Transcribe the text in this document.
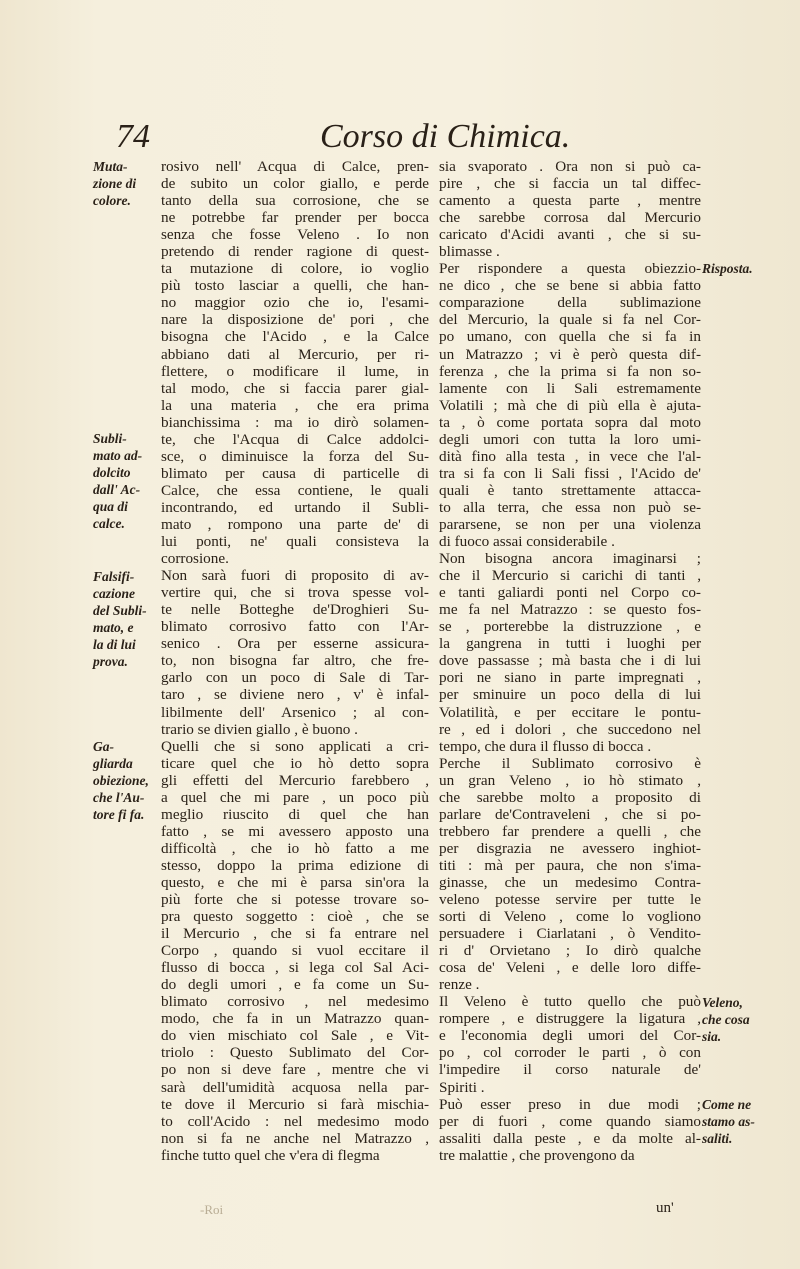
74	Corso di Chimica.
Muta-
zione di
colore.
Subli-
mato ad-
dolcito
dall' Ac-
qua di
calce.
Falsifi-
cazione
del Subli-
mato, e
la di lui
prova.
Ga-
gliarda
obiezione,
che l'Au-
tore fi fa.
Risposta.
Veleno,
che cosa
sia.
Come ne
stamo as-
saliti.
rosivo nell' Acqua di Calce, pren-
de subito un color giallo, e perde
tanto della sua corrosione, che se
ne potrebbe far prender per bocca
senza che fosse Veleno . Io non
pretendo di render ragione di quest-
ta mutazione di colore, io voglio
più tosto lasciar a quelli, che han-
no maggior ozio che io, l'esami-
nare la disposizione de' pori , che
bisogna che l'Acido , e la Calce
abbiano dati al Mercurio, per ri-
flettere, o modificare il lume, in
tal modo, che si faccia parer gial-
la una materia , che era prima
bianchissima : ma io dirò solamen-
te, che l'Acqua di Calce addolci-
sce, o diminuisce la forza del Su-
blimato per causa di particelle di
Calce, che essa contiene, le quali
incontrando, ed urtando il Subli-
mato , rompono una parte de' di
lui ponti, ne' quali consisteva la
corrosione.
Non sarà fuori di proposito di av-
vertire qui, che si trova spesse vol-
te nelle Botteghe de'Droghieri Su-
blimato corrosivo fatto con l'Ar-
senico . Ora per esserne assicura-
to, non bisogna far altro, che fre-
garlo con un poco di Sale di Tar-
taro , se diviene nero , v' è infal-
libilmente dell' Arsenico ; al con-
trario se divien giallo , è buono .
Quelli che si sono applicati a cri-
ticare quel che io hò detto sopra
gli effetti del Mercurio farebbero ,
a quel che mi pare , un poco più
meglio riuscito di quel che han
fatto , se mi avessero apposto una
difficoltà , che io hò fatto a me
stesso, doppo la prima edizione di
questo, e che mi è parsa sin'ora la
più forte che si potesse trovare so-
pra questo soggetto : cioè , che se
il Mercurio , che si fa entrare nel
Corpo , quando si vuol eccitare il
flusso di bocca , si lega col Sal Aci-
do degli umori , e fa come un Su-
blimato corrosivo , nel medesimo
modo, che fa in un Matrazzo quan-
do vien mischiato col Sale , e Vit-
triolo : Questo Sublimato del Cor-
po non si deve fare , mentre che vi
sarà dell'umidità acquosa nella par-
te dove il Mercurio si farà mischia-
to coll'Acido : nel medesimo modo
non si fa ne anche nel Matrazzo ,
finche tutto quel che v'era di flegma
sia svaporato . Ora non si può ca-
pire , che si faccia un tal diffec-
camento a questa parte , mentre
che sarebbe corrosa dal Mercurio
caricato d'Acidi avanti , che si su-
blimasse .
Per rispondere a questa obiezzio-
ne dico , che se bene si abbia fatto
comparazione della sublimazione
del Mercurio, la quale si fa nel Cor-
po umano, con quella che si fa in
un Matrazzo ; vi è però questa dif-
ferenza , che la prima si fa non so-
lamente con li Sali estremamente
Volatili ; mà che di più ella è ajuta-
ta , ò come portata sopra dal moto
degli umori con tutta la loro umi-
dità fino alla testa , in vece che l'al-
tra si fa con li Sali fissi , l'Acido de'
quali è tanto strettamente attacca-
to alla terra, che essa non può se-
pararsene, se non per una violenza
di fuoco assai considerabile .
Non bisogna ancora imaginarsi ;
che il Mercurio si carichi di tanti ,
e tanti galiardi ponti nel Corpo co-
me fa nel Matrazzo : se questo fos-
se , porterebbe la distruzzione , e
la gangrena in tutti i luoghi per
dove passasse ; mà basta che i di lui
pori ne siano in parte impregnati ,
per sminuire un poco della di lui
Volatilità, e per eccitare le pontu-
re , ed i dolori , che succedono nel
tempo, che dura il flusso di bocca .
Perche il Sublimato corrosivo è
un gran Veleno , io hò stimato ,
che sarebbe molto a proposito di
parlare de'Contraveleni , che si po-
trebbero far prendere a quelli , che
per disgrazia ne avessero inghiot-
titi : mà per paura, che non s'ima-
ginasse, che un medesimo Contra-
veleno potesse servire per tutte le
sorti di Veleno , come lo vogliono
persuadere i Ciarlatani , ò Vendito-
ri d' Orvietano ; Io dirò qualche
cosa de' Veleni , e delle loro diffe-
renze .
Il Veleno è tutto quello che può
rompere , e distruggere la ligatura ,
e l'economia degli umori del Cor-
po , col corroder le parti , ò con
l'impedire il corso naturale de'
Spiriti .
Può esser preso in due modi ;
per di fuori , come quando siamo
assaliti dalla peste , e da molte al-
tre malattie , che provengono da
-Roi	un'
